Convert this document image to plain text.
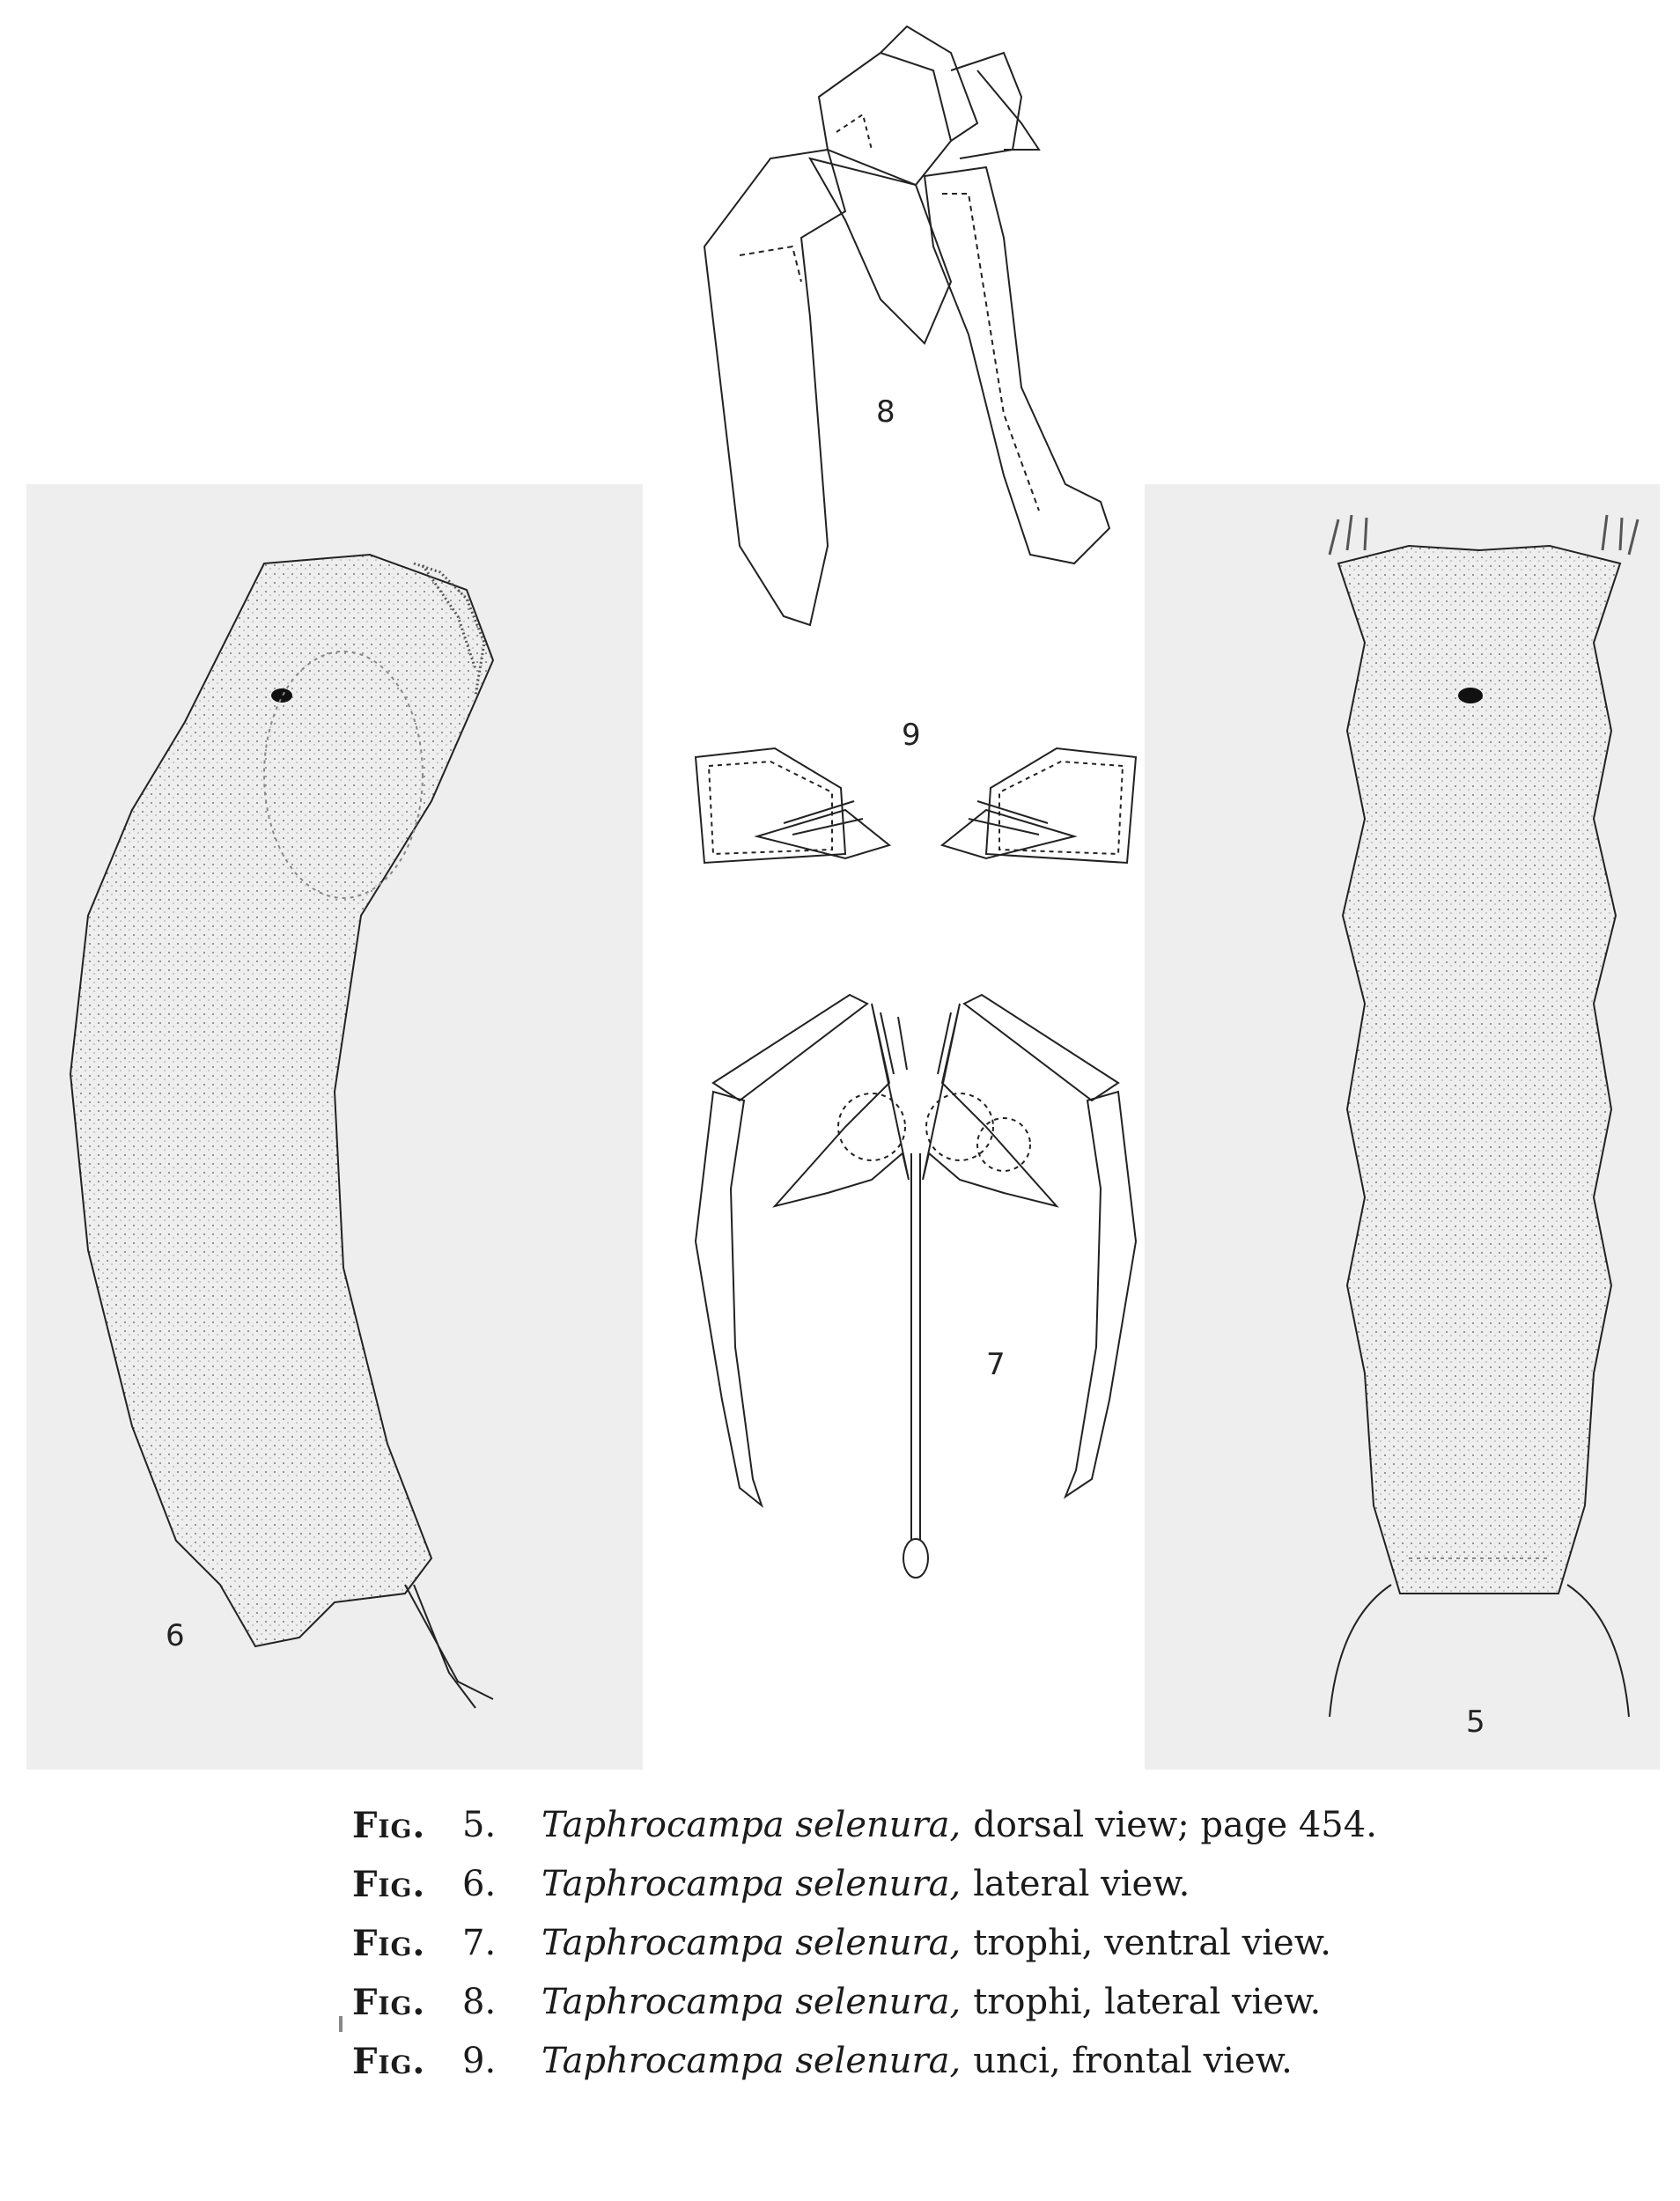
8
9
7
6
5
Fig.	5.	Taphrocampa selenura, dorsal view; page 454.
Fig.	6.	Taphrocampa selenura, lateral view.
Fig.	7.	Taphrocampa selenura, trophi, ventral view.
Fig.	8.	Taphrocampa selenura, trophi, lateral view.
Fig.	9.	Taphrocampa selenura, unci, frontal view.
